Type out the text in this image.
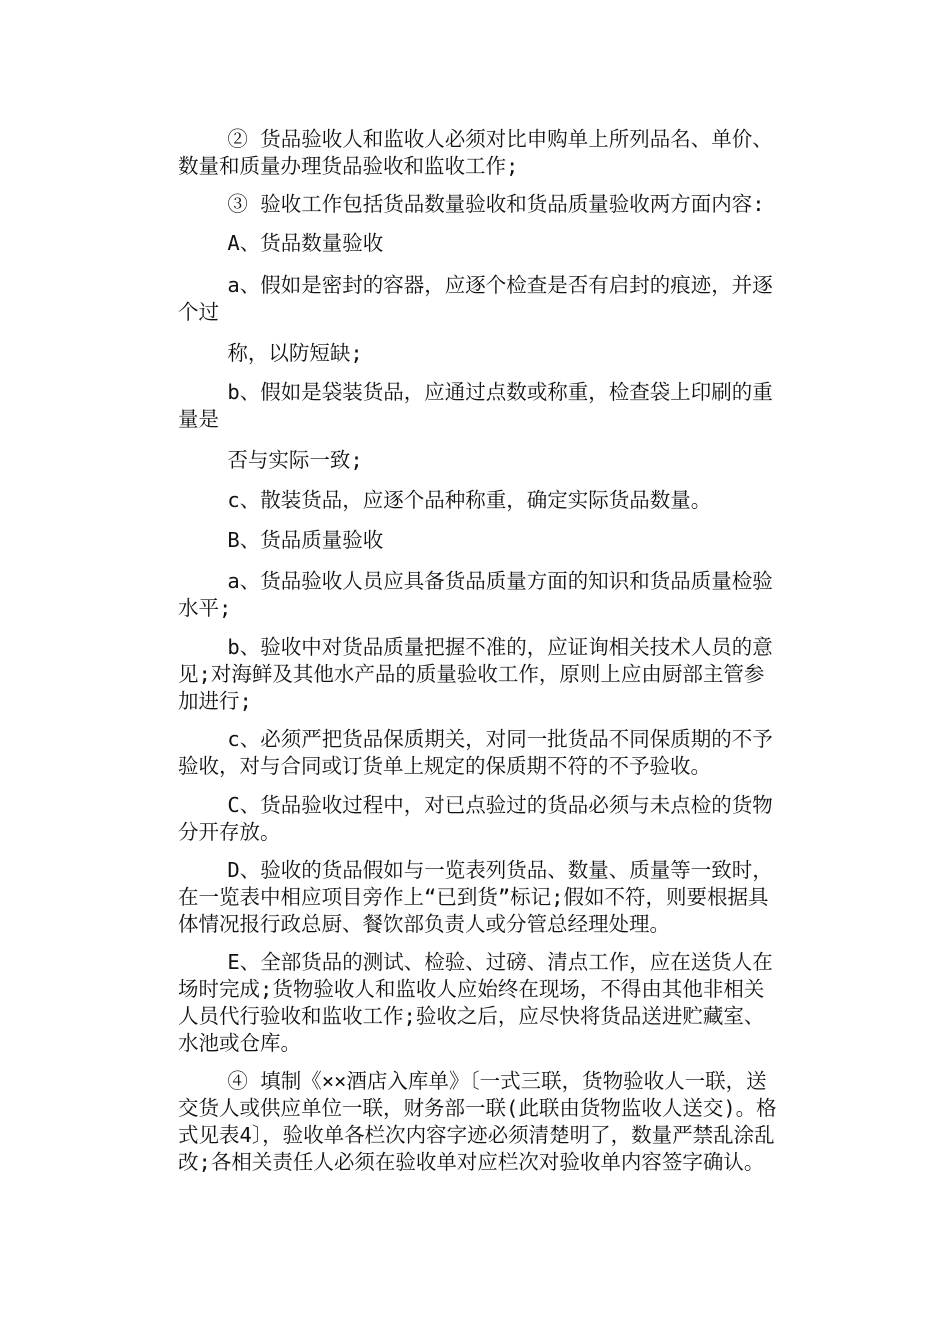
② 货品验收人和监收人必须对比申购单上所列品名、单价、数量和质量办理货品验收和监收工作;

③ 验收工作包括货品数量验收和货品质量验收两方面内容:

A、货品数量验收

a、假如是密封的容器，应逐个检查是否有启封的痕迹，并逐个过

称，以防短缺;

b、假如是袋装货品，应通过点数或称重，检查袋上印刷的重量是

否与实际一致;

c、散装货品，应逐个品种称重，确定实际货品数量。

B、货品质量验收

a、货品验收人员应具备货品质量方面的知识和货品质量检验水平;

b、验收中对货品质量把握不准的，应证询相关技术人员的意见;对海鲜及其他水产品的质量验收工作，原则上应由厨部主管参加进行;

c、必须严把货品保质期关，对同一批货品不同保质期的不予验收，对与合同或订货单上规定的保质期不符的不予验收。

C、货品验收过程中，对已点验过的货品必须与未点检的货物分开存放。

D、验收的货品假如与一览表列货品、数量、质量等一致时，在一览表中相应项目旁作上“已到货”标记;假如不符，则要根据具体情况报行政总厨、餐饮部负责人或分管总经理处理。

E、全部货品的测试、检验、过磅、清点工作，应在送货人在场时完成;货物验收人和监收人应始终在现场，不得由其他非相关人员代行验收和监收工作;验收之后，应尽快将货品送进贮藏室、水池或仓库。

④ 填制《××酒店入库单》〔一式三联，货物验收人一联，送交货人或供应单位一联，财务部一联(此联由货物监收人送交)。格式见表4〕，验收单各栏次内容字迹必须清楚明了，数量严禁乱涂乱改;各相关责任人必须在验收单对应栏次对验收单内容签字确认。
